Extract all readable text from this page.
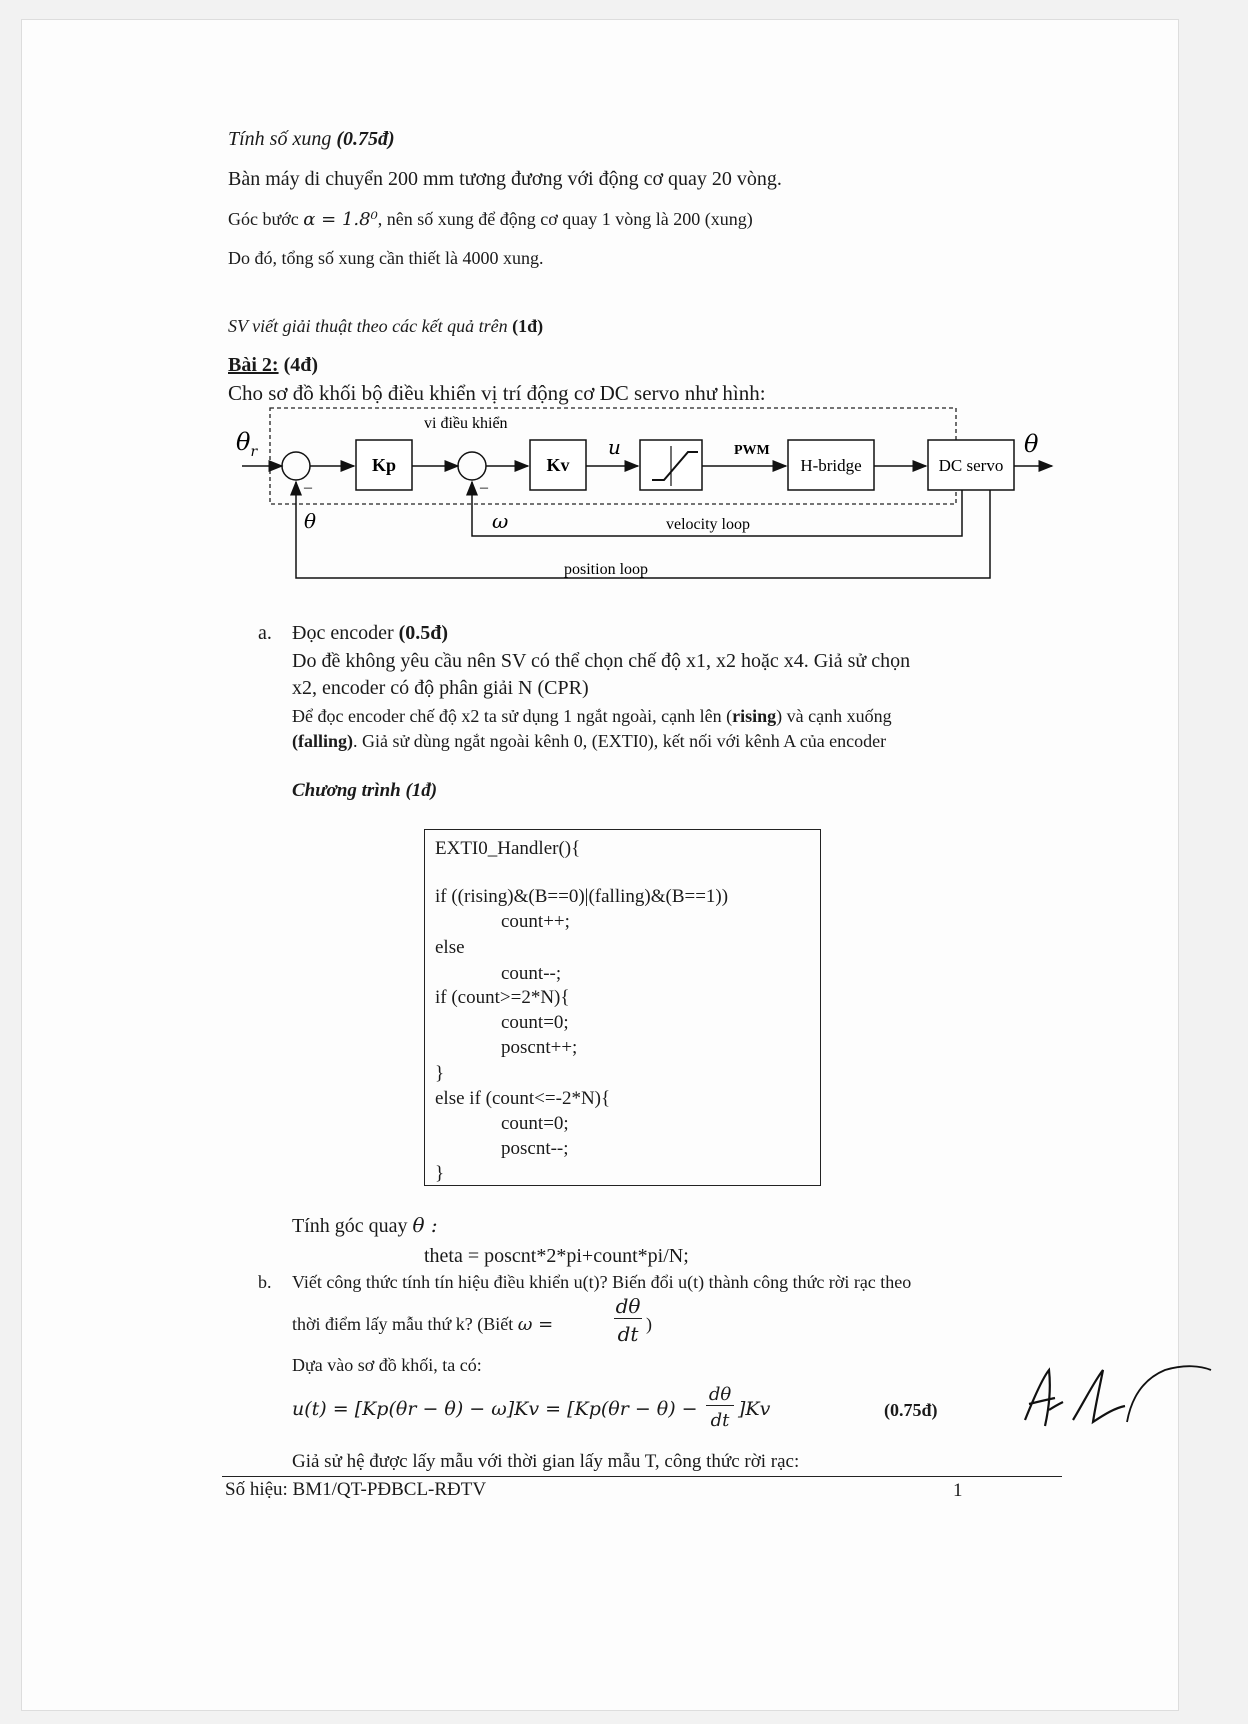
Tính số xung (0.75đ)
Bàn máy di chuyển 200 mm tương đương với động cơ quay 20 vòng.
Góc bước α = 1.8⁰, nên số xung để động cơ quay 1 vòng là 200 (xung)
Do đó, tổng số xung cần thiết là 4000 xung.
SV viết giải thuật theo các kết quả trên (1đ)
Bài 2: (4đ)
Cho sơ đồ khối bộ điều khiển vị trí động cơ DC servo như hình:
vi điều khiển
$\theta_r$
–
Kp
–
Kv
u	PWM
H-bridge	DC servo
θ
ω	velocity loop
θ
position loop
a. Đọc encoder (0.5đ)
Do đề không yêu cầu nên SV có thể chọn chế độ x1, x2 hoặc x4. Giả sử chọn
x2, encoder có độ phân giải N (CPR)
Để đọc encoder chế độ x2 ta sử dụng 1 ngắt ngoài, cạnh lên (rising) và cạnh xuống
(falling). Giả sử dùng ngắt ngoài kênh 0, (EXTI0), kết nối với kênh A của encoder
Chương trình (1đ)
EXTI0_Handler(){
if ((rising)&(B==0)|(falling)&(B==1))
count++;
else
count--;
if (count>=2*N){
count=0;
poscnt++;
}
else if (count<=-2*N){
count=0;
poscnt--;
}
Tính góc quay θ :
theta = poscnt*2*pi+count*pi/N;
b. Viết công thức tính tín hiệu điều khiển u(t)? Biến đổi u(t) thành công thức rời rạc theo
thời điểm lấy mẫu thứ k? (Biết ω =
dθ
dt )
Dựa vào sơ đồ khối, ta có:
u(t) = [Kp(θr − θ) − ω]Kv = [Kp(θr − θ) −
dθ
dt
]Kv	(0.75đ)
Giả sử hệ được lấy mẫu với thời gian lấy mẫu T, công thức rời rạc:
Số hiệu: BM1/QT-PĐBCL-RĐTV	1
